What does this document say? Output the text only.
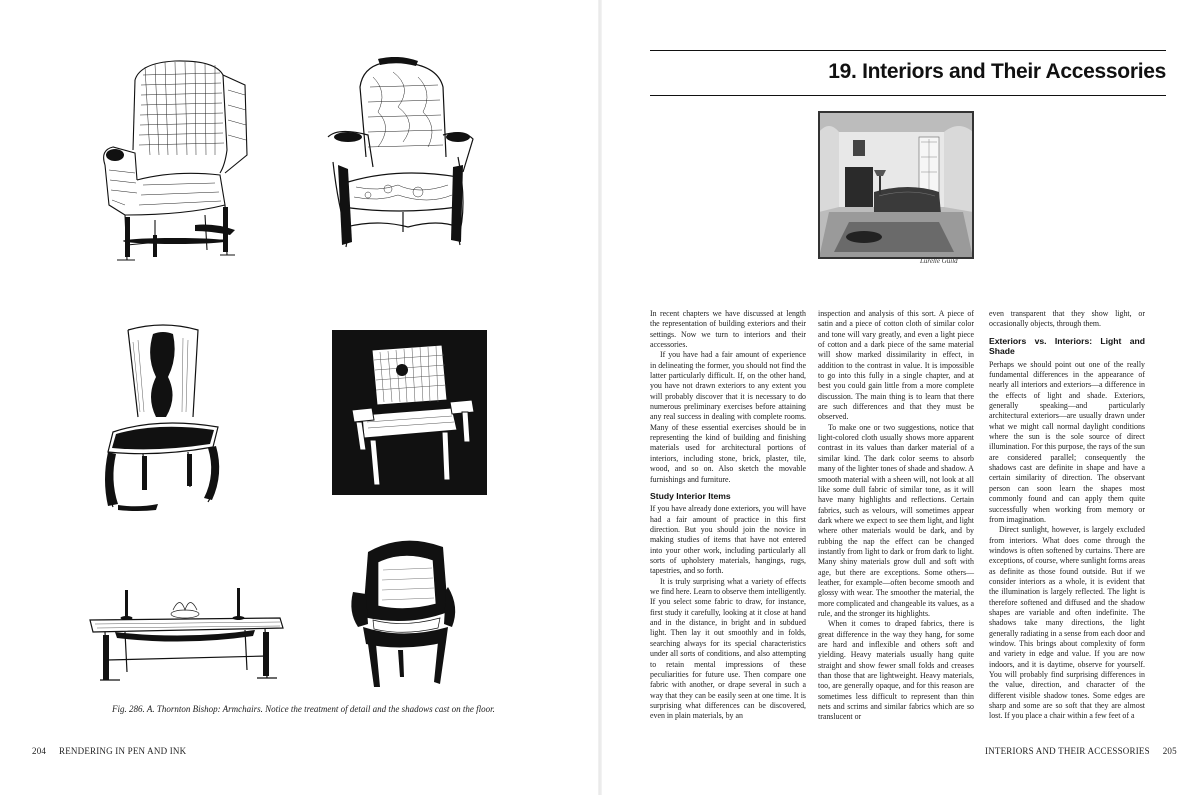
Fig. 286. A. Thornton Bishop: Armchairs. Notice the treatment of detail and the shadows cast on the floor.
204 RENDERING IN PEN AND INK
19. Interiors and Their Accessories
Lurelle Guild

In recent chapters we have discussed at length the representation of building exteriors and their settings. Now we turn to interiors and their accessories.

If you have had a fair amount of experience in delineating the former, you should not find the latter particularly difficult. If, on the other hand, you have not drawn exteriors to any extent you will probably discover that it is necessary to do numerous preliminary exercises before attaining any real success in dealing with complete rooms. Many of these essential exercises should be in representing the kind of building and finishing materials used for architectural portions of interiors, including stone, brick, plaster, tile, wood, and so on. Also sketch the movable furnishings and furniture.

Study Interior Items

If you have already done exteriors, you will have had a fair amount of practice in this first direction. But you should join the novice in making studies of items that have not entered into your other work, including particularly all sorts of upholstery materials, hangings, rugs, tapestries, and so forth.

It is truly surprising what a variety of effects we find here. Learn to observe them intelligently. If you select some fabric to draw, for instance, first study it carefully, looking at it close at hand and in the distance, in bright and in subdued light. Then lay it out smoothly and in folds, searching always for its special characteristics under all sorts of conditions, and also attempting to retain mental impressions of these peculiarities for future use. Then compare one fabric with another, or drape several in such a way that they can be easily seen at one time. It is surprising what differences can be discovered, even in plain materials, by an

inspection and analysis of this sort. A piece of satin and a piece of cotton cloth of similar color and tone will vary greatly, and even a light piece of cotton and a dark piece of the same material will show marked dissimilarity in effect, in addition to the contrast in value. It is impossible to go into this fully in a single chapter, and at best you could gain little from a more complete discussion. The main thing is to learn that there are such differences and that they must be observed.

To make one or two suggestions, notice that light-colored cloth usually shows more apparent contrast in its values than darker material of a similar kind. The dark color seems to absorb many of the lighter tones of shade and shadow. A smooth material with a sheen will, not look at all like some dull fabric of similar tone, as it will have many highlights and reflections. Certain fabrics, such as velours, will sometimes appear dark where we expect to see them light, and light where other materials would be dark, and by rubbing the nap the effect can be changed instantly from light to dark or from dark to light. Many shiny materials grow dull and soft with age, but there are exceptions. Some others—leather, for example—often become smooth and glossy with wear. The smoother the material, the more complicated and changeable its values, as a rule, and the stronger its highlights.

When it comes to draped fabrics, there is great difference in the way they hang, for some are hard and inflexible and others soft and yielding. Heavy materials usually hang quite straight and show fewer small folds and creases than those that are lightweight. Heavy materials, too, are generally opaque, and for this reason are sometimes less difficult to represent than thin nets and scrims and similar fabrics which are so translucent or

even transparent that they show light, or occasionally objects, through them.

Exteriors vs. Interiors: Light and Shade

Perhaps we should point out one of the really fundamental differences in the appearance of nearly all interiors and exteriors—a difference in the effects of light and shade. Exteriors, generally speaking—and particularly architectural exteriors—are usually drawn under what we might call normal daylight conditions where the sun is the sole source of direct illumination. For this purpose, the rays of the sun are considered parallel; consequently the shadows cast are definite in shape and have a certain similarity of direction. The observant person can soon learn the shapes most commonly found and can apply them quite successfully when working from memory or from imagination.

Direct sunlight, however, is largely excluded from interiors. What does come through the windows is often softened by curtains. There are exceptions, of course, where sunlight forms areas as definite as those found outside. But if we consider interiors as a whole, it is evident that the illumination is largely reflected. The light is therefore softened and diffused and the shadow shapes are variable and often indefinite. The shadows take many directions, the light generally radiating in a sense from each door and window. This brings about complexity of form and variety in edge and value. If you are now indoors, and it is daytime, observe for yourself. You will probably find surprising differences in the value, direction, and character of the different visible shadow tones. Some edges are sharp and some are so soft that they are almost lost. If you place a chair within a few feet of a

INTERIORS AND THEIR ACCESSORIES 205
